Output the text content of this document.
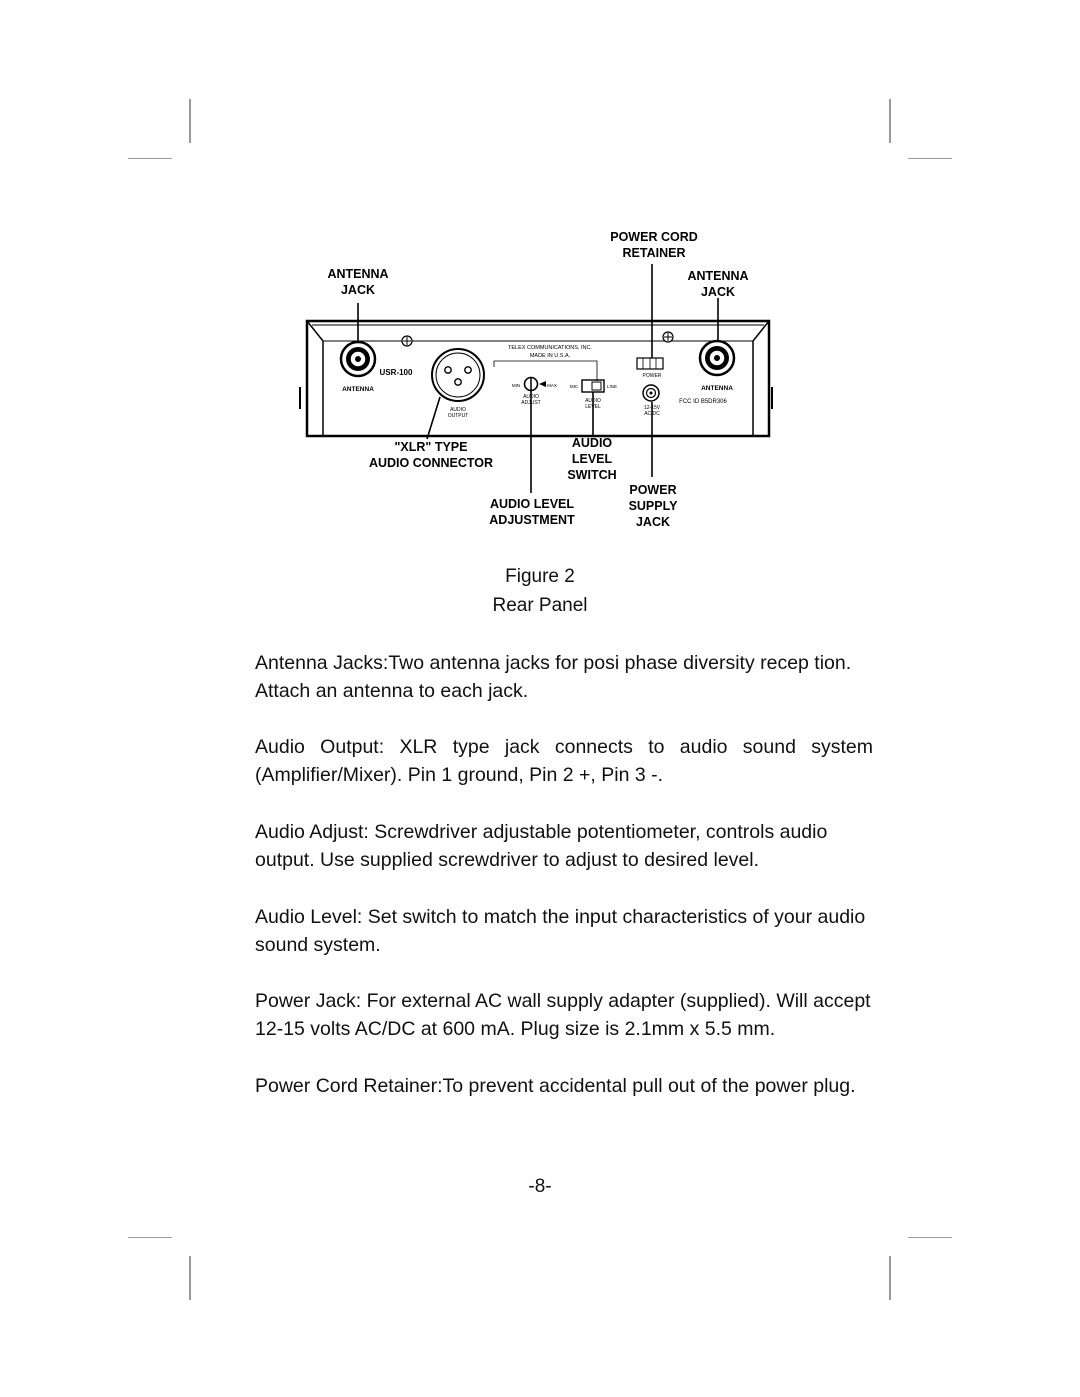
TELEX COMMUNICATIONS, INC.
MADE IN U.S.A.
USR-100
ANTENNA	ANTENNA
AUDIO
OUTPUT
MIN	MAX
AUDIO
ADJUST
MIC	LINE
AUDIO
LEVEL
POWER
12-15V
AC/DC
FCC ID B5DR306
POWER CORD
RETAINER
ANTENNA
JACK
ANTENNA
JACK
"XLR" TYPE
AUDIO CONNECTOR
AUDIO
LEVEL
SWITCH
AUDIO LEVEL
ADJUSTMENT
POWER
SUPPLY
JACK
Figure 2
Rear Panel
Antenna Jacks:Two antenna jacks for posi phase diversity recep tion. Attach an antenna to each jack.
Audio Output: XLR type jack connects to audio sound system (Amplifier/Mixer). Pin 1 ground, Pin 2 +, Pin 3 -.
Audio Adjust: Screwdriver adjustable potentiometer, controls audio output. Use supplied screwdriver to adjust to desired level.
Audio Level: Set switch to match the input characteristics of your audio sound system.
Power Jack: For external AC wall supply adapter (supplied). Will accept 12-15 volts AC/DC at 600 mA. Plug size is 2.1mm x 5.5 mm.
Power Cord Retainer:To prevent accidental pull out of the power plug.
-8-
